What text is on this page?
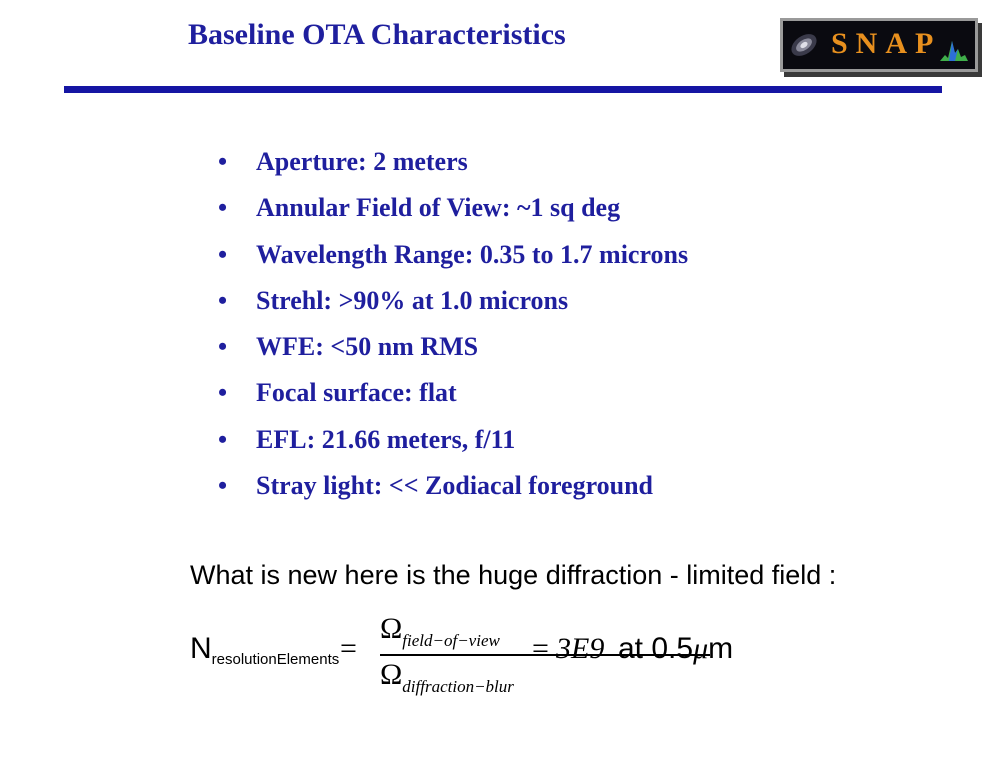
Baseline OTA Characteristics	SNAP
•	Aperture: 2 meters
•	Annular Field of View: ~1 sq deg
•	Wavelength Range: 0.35 to 1.7 microns
•	Strehl: >90% at 1.0 microns
•	WFE: <50 nm RMS
•	Focal surface: flat
•	EFL: 21.66 meters, f/11
•	Stray light: << Zodiacal foreground
What is new here is the huge diffraction - limited field :
$N_{resolutionElements}$ =
$\Omega_{field-of-view}$
$\Omega_{diffraction-blur}$
= 3E9 at 0.5μm
